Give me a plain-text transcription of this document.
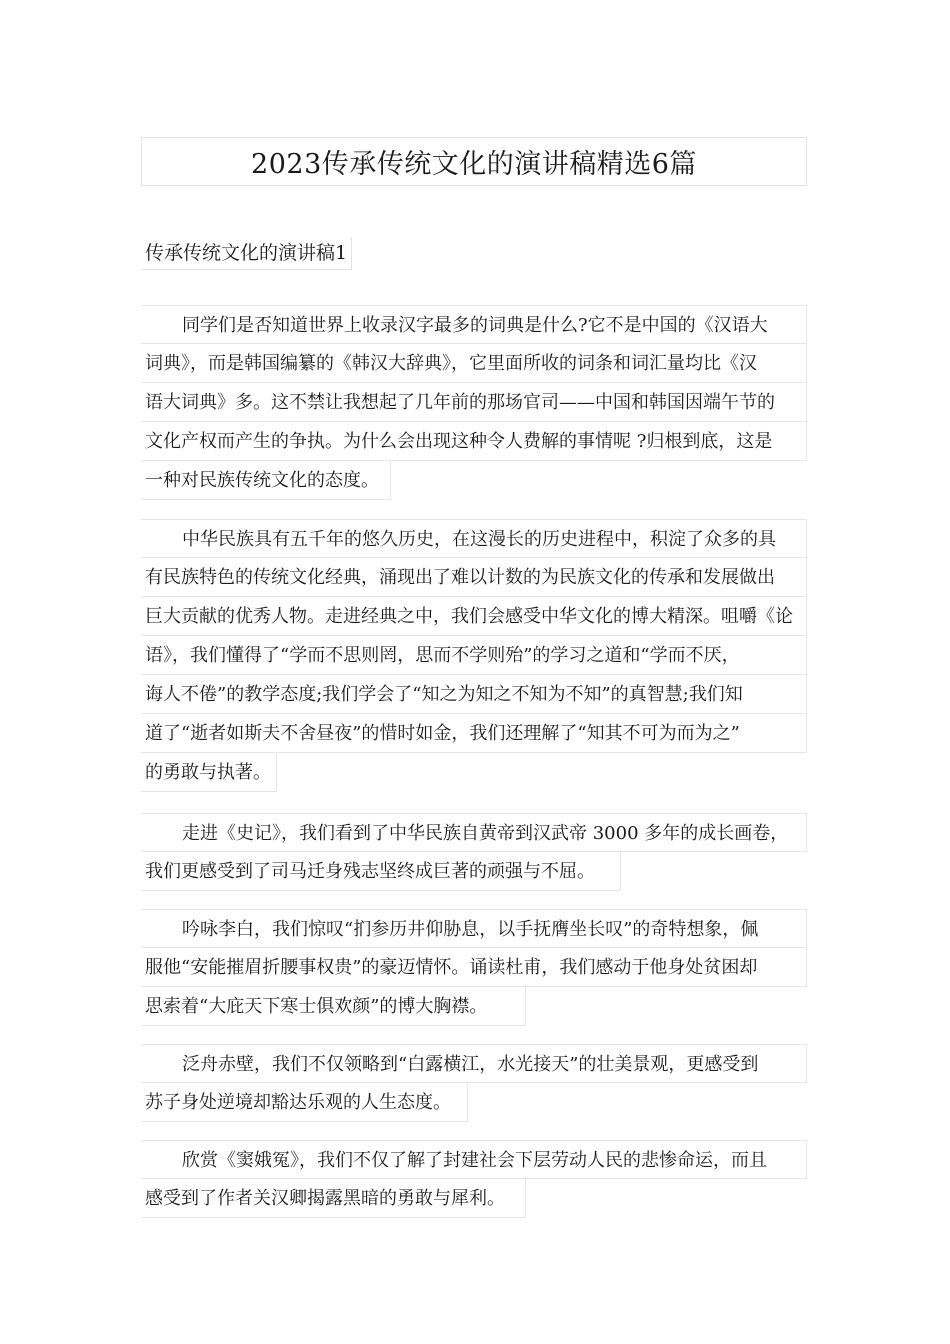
2023传承传统文化的演讲稿精选6篇
传承传统文化的演讲稿1
同学们是否知道世界上收录汉字最多的词典是什么?它不是中国的《汉语大
词典》，而是韩国编纂的《韩汉大辞典》，它里面所收的词条和词汇量均比《汉
语大词典》多。这不禁让我想起了几年前的那场官司——中国和韩国因端午节的
文化产权而产生的争执。为什么会出现这种令人费解的事情呢 ?归根到底，这是
一种对民族传统文化的态度。
中华民族具有五千年的悠久历史，在这漫长的历史进程中，积淀了众多的具
有民族特色的传统文化经典，涌现出了难以计数的为民族文化的传承和发展做出
巨大贡献的优秀人物。走进经典之中，我们会感受中华文化的博大精深。咀嚼《论
语》，我们懂得了“学而不思则罔，思而不学则殆”的学习之道和“学而不厌，
诲人不倦”的教学态度;我们学会了“知之为知之不知为不知”的真智慧;我们知
道了“逝者如斯夫不舍昼夜”的惜时如金，我们还理解了“知其不可为而为之”
的勇敢与执著。
走进《史记》，我们看到了中华民族自黄帝到汉武帝 3000 多年的成长画卷，
我们更感受到了司马迁身残志坚终成巨著的顽强与不屈。
吟咏李白，我们惊叹“扪参历井仰胁息，以手抚膺坐长叹”的奇特想象，佩
服他“安能摧眉折腰事权贵”的豪迈情怀。诵读杜甫，我们感动于他身处贫困却
思索着“大庇天下寒士俱欢颜”的博大胸襟。
泛舟赤壁，我们不仅领略到“白露横江，水光接天”的壮美景观，更感受到
苏子身处逆境却豁达乐观的人生态度。
欣赏《窦娥冤》，我们不仅了解了封建社会下层劳动人民的悲惨命运，而且
感受到了作者关汉卿揭露黑暗的勇敢与犀利。
